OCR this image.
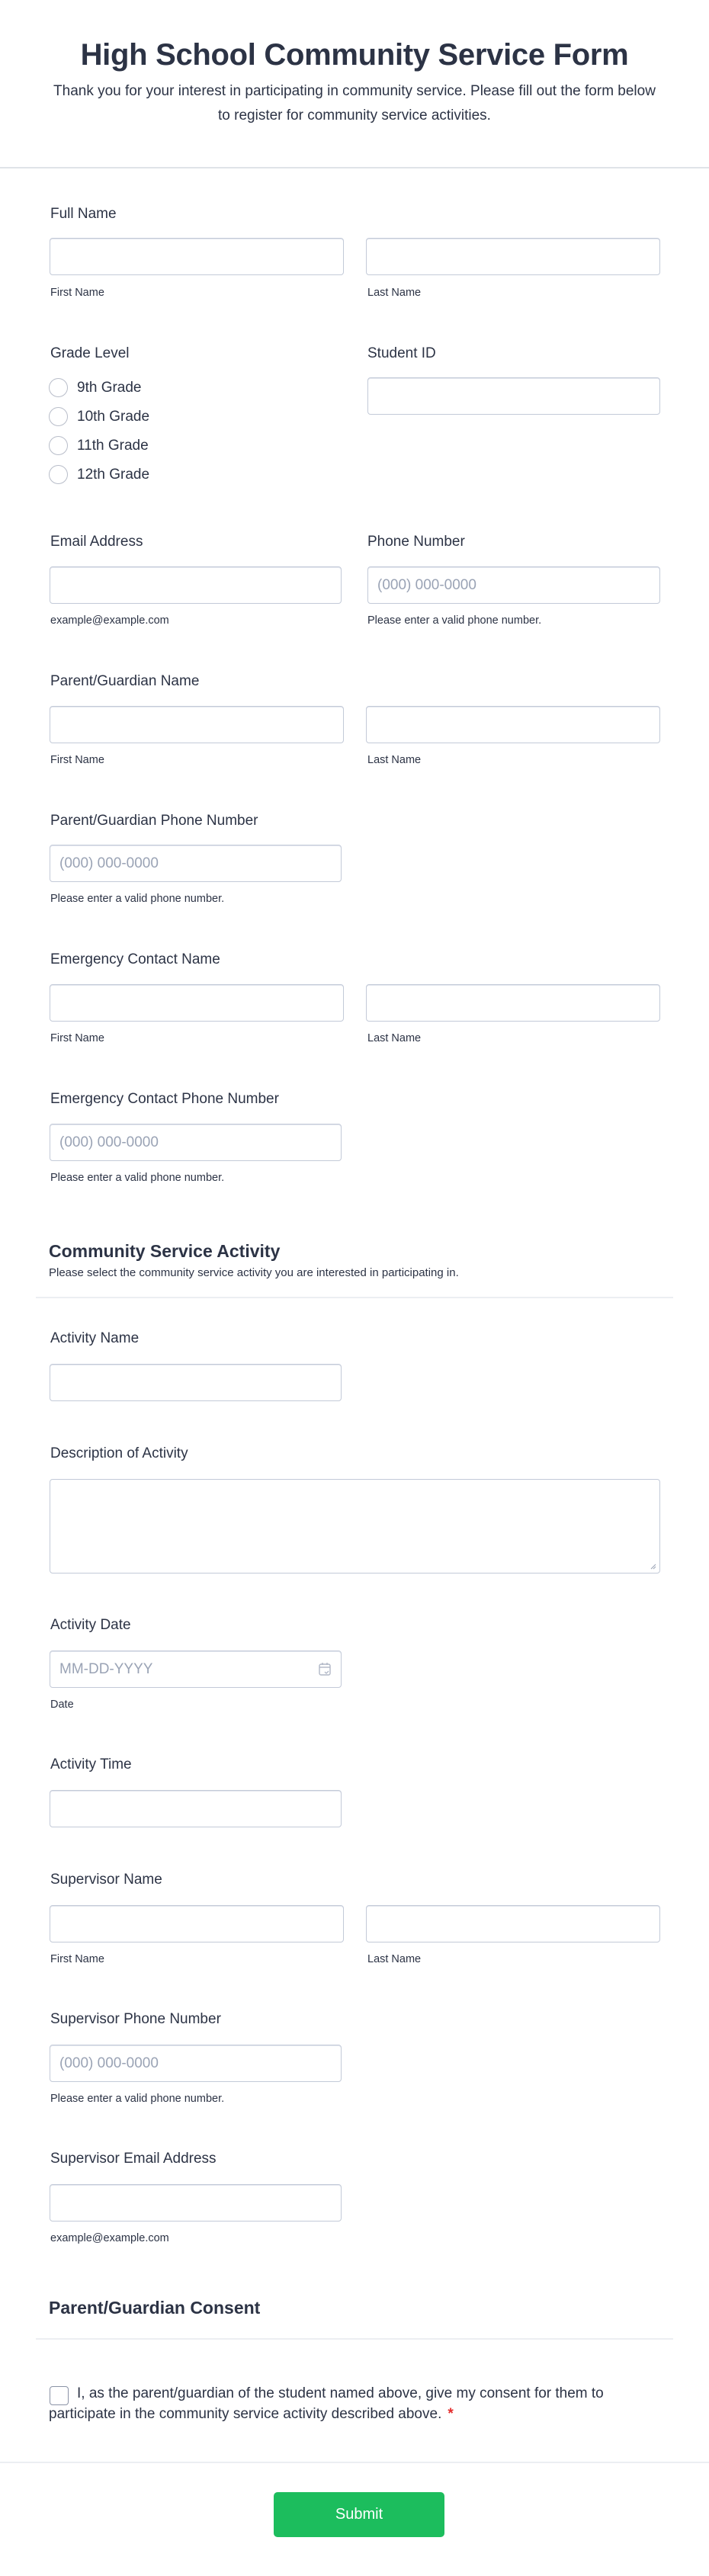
High School Community Service Form
Thank you for your interest in participating in community service. Please fill out the form below to register for community service activities.
Full Name
First Name	Last Name
Grade Level
9th Grade
10th Grade
11th Grade
12th Grade
Student ID
Email Address
example@example.com
Phone Number
(000) 000-0000
Please enter a valid phone number.
Parent/Guardian Name
First Name	Last Name
Parent/Guardian Phone Number
(000) 000-0000
Please enter a valid phone number.
Emergency Contact Name
First Name	Last Name
Emergency Contact Phone Number
(000) 000-0000
Please enter a valid phone number.
Community Service Activity
Please select the community service activity you are interested in participating in.
Activity Name
Description of Activity
Activity Date
MM-DD-YYYY
Date
Activity Time
Supervisor Name
First Name	Last Name
Supervisor Phone Number
(000) 000-0000
Please enter a valid phone number.
Supervisor Email Address
example@example.com
Parent/Guardian Consent
I, as the parent/guardian of the student named above, give my consent for them to participate in the community service activity described above. *
Submit
